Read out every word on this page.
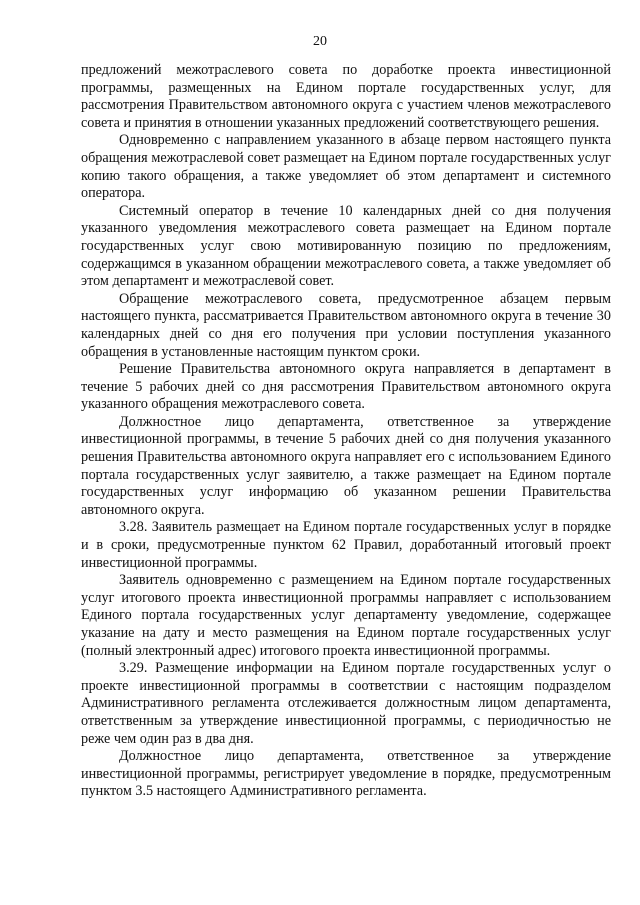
20

предложений межотраслевого совета по доработке проекта инвестиционной программы, размещенных на Едином портале государственных услуг, для рассмотрения Правительством автономного округа с участием членов межотраслевого совета и принятия в отношении указанных предложений соответствующего решения.

Одновременно с направлением указанного в абзаце первом настоящего пункта обращения межотраслевой совет размещает на Едином портале государственных услуг копию такого обращения, а также уведомляет об этом департамент и системного оператора.

Системный оператор в течение 10 календарных дней со дня получения указанного уведомления межотраслевого совета размещает на Едином портале государственных услуг свою мотивированную позицию по предложениям, содержащимся в указанном обращении межотраслевого совета, а также уведомляет об этом департамент и межотраслевой совет.

Обращение межотраслевого совета, предусмотренное абзацем первым настоящего пункта, рассматривается Правительством автономного округа в течение 30 календарных дней со дня его получения при условии поступления указанного обращения в установленные настоящим пунктом сроки.

Решение Правительства автономного округа направляется в департамент в течение 5 рабочих дней со дня рассмотрения Правительством автономного округа указанного обращения межотраслевого совета.

Должностное лицо департамента, ответственное за утверждение инвестиционной программы, в течение 5 рабочих дней со дня получения указанного решения Правительства автономного округа направляет его с использованием Единого портала государственных услуг заявителю, а также размещает на Едином портале государственных услуг информацию об указанном решении Правительства автономного округа.

3.28. Заявитель размещает на Едином портале государственных услуг в порядке и в сроки, предусмотренные пунктом 62 Правил, доработанный итоговый проект инвестиционной программы.

Заявитель одновременно с размещением на Едином портале государственных услуг итогового проекта инвестиционной программы направляет с использованием Единого портала государственных услуг департаменту уведомление, содержащее указание на дату и место размещения на Едином портале государственных услуг (полный электронный адрес) итогового проекта инвестиционной программы.

3.29. Размещение информации на Едином портале государственных услуг о проекте инвестиционной программы в соответствии с настоящим подразделом Административного регламента отслеживается должностным лицом департамента, ответственным за утверждение инвестиционной программы, с периодичностью не реже чем один раз в два дня.

Должностное лицо департамента, ответственное за утверждение инвестиционной программы, регистрирует уведомление в порядке, предусмотренным пунктом 3.5 настоящего Административного регламента.
